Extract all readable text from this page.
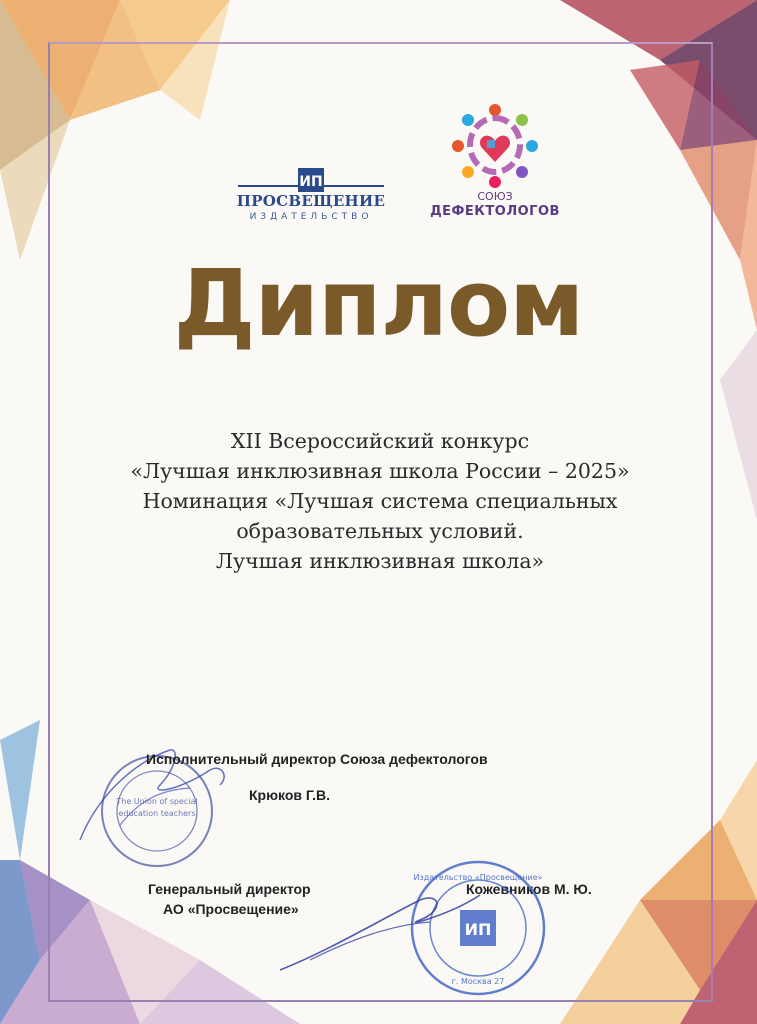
ИП
ПРОСВЕЩЕНИЕ
ИЗДАТЕЛЬСТВО
СОЮЗ
ДЕФЕКТОЛОГОВ
Диплом
XII Всероссийский конкурс
«Лучшая инклюзивная школа России – 2025»
Номинация «Лучшая система специальных
образовательных условий.
Лучшая инклюзивная школа»
The Union of special
education teachers
Исполнительный директор Союза дефектологов
Крюков Г.В.
Генеральный директор
АО «Просвещение»
Кожевников М. Ю.
ИП
Издательство «Просвещение»
г. Москва 27
